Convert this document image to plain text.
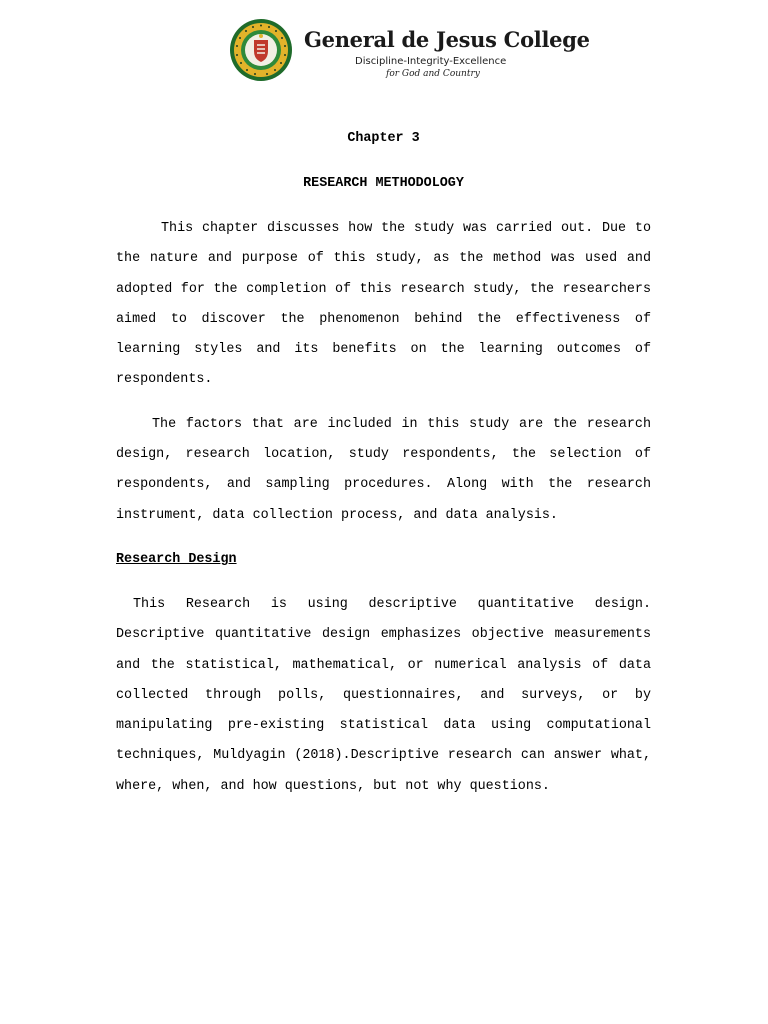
General de Jesus College
Discipline-Integrity-Excellence
for God and Country
Chapter 3
RESEARCH METHODOLOGY

This chapter discusses how the study was carried out. Due to the nature and purpose of this study, as the method was used and adopted for the completion of this research study, the researchers aimed to discover the phenomenon behind the effectiveness of learning styles and its benefits on the learning outcomes of respondents.

The factors that are included in this study are the research design, research location, study respondents, the selection of respondents, and sampling procedures. Along with the research instrument, data collection process, and data analysis.

Research Design

This Research is using descriptive quantitative design. Descriptive quantitative design emphasizes objective measurements and the statistical, mathematical, or numerical analysis of data collected through polls, questionnaires, and surveys, or by manipulating pre-existing statistical data using computational techniques, Muldyagin (2018).Descriptive research can answer what, where, when, and how questions, but not why questions.
